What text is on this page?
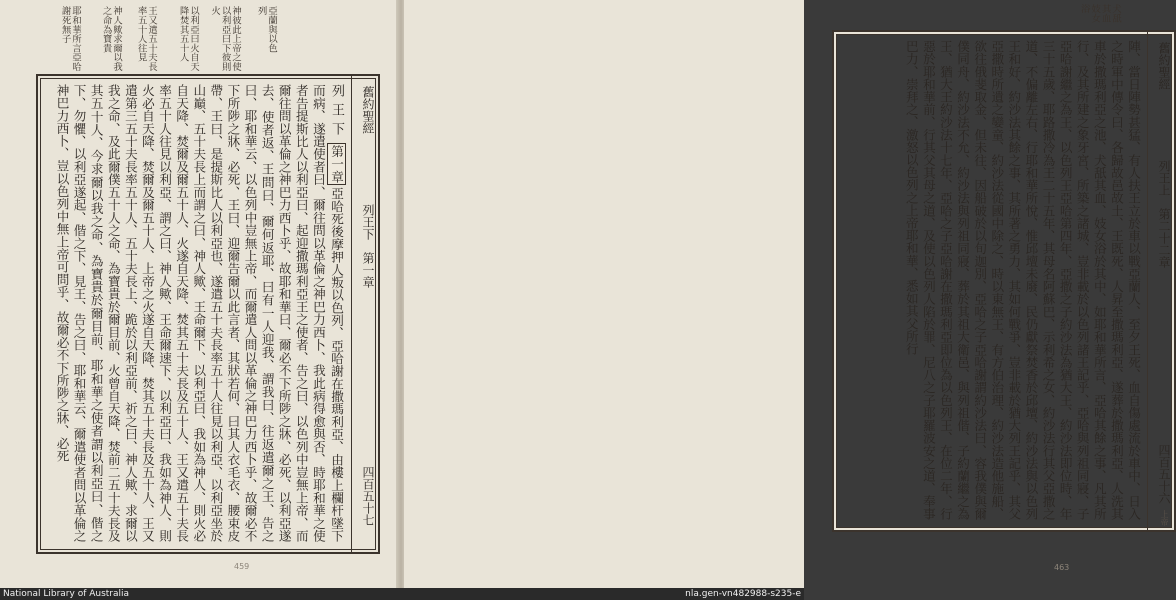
神彼此上帝之使以利亞曰下彼則火
以利亞曰火自天降焚其五十人
王又遣五十夫長率五十人往見
神人歟求爾以我之命為寶貴
耶和華所言亞哈謝死無子	亞蘭與以色列
舊約聖經
列王下　第一章
四百五十七
列王下第一章亞哈死後摩押人叛以色列、亞哈謝在撒瑪利亞、由樓上欄杆墜下而病、遂遣使者曰、爾往問以革倫之神巴力西卜、我此病得愈與否、時耶和華之使者告提斯比人以利亞曰、起迎撒瑪利亞王之使者、告之曰、以色列中豈無上帝、而爾往問以革倫之神巴力西卜乎、故耶和華曰、爾必不下所陟之牀、必死、以利亞遂去、使者返、王問曰、爾何返耶、曰有一人迎我、謂我曰、往返遣爾之王、告之曰、耶和華云、以色列中豈無上帝、而爾遣人問以革倫之神巴力西卜乎、故爾必不下所陟之牀、必死、王曰、迎爾告爾以此言者、其狀若何、曰其人衣毛衣、腰束皮帶、王曰、是提斯比人以利亞也、遂遣五十夫長率五十人往見以利亞、以利亞坐於山巔、五十夫長上而謂之曰、神人歟、王命爾下、以利亞曰、我如為神人、則火必自天降、焚爾及爾五十人、火遂自天降、焚其五十夫長及五十人、王又遣五十夫長率五十人往見以利亞、謂之曰、神人歟、王命爾速下、以利亞曰、我如為神人、則火必自天降、焚爾及爾五十人、上帝之火遂自天降、焚其五十夫長及五十人、王又遣第三五十夫長率五十人、五十夫長上、跪於以利亞前、祈之曰、神人歟、求爾以我之命、及此爾僕五十人之命、為寶貴於爾目前、火曾自天降、焚前二五十夫長及其五十人、今求爾以我之命、為寶貴於爾目前、耶和華之使者謂以利亞曰、偕之下、勿懼、以利亞遂起、偕之下、見王、告之曰、耶和華云、爾遣使者問以革倫之神巴力西卜、豈以色列中無上帝可問乎、故爾必不下所陟之牀、必死
459
犬舐其血妓女浴
舊約聖經
列王上　第二十二章
四百五十六
上帝
陣、當日陣勢甚猛、有人扶王立於車以戰亞蘭人、至夕王死、血自傷處流於車中、日入之時軍中傳令曰、各歸故邑故土、王既死、人昇至撒瑪利亞、遂葬於撒瑪利亞、人洗其車於撒瑪利亞之池、犬舐其血、妓女浴於其中、如耶和華所言、亞哈其餘之事、凡其所行、及其所建之象牙宮、所築之諸城、豈非載於以色列諸王記乎、亞哈與列祖同寢、子亞哈謝繼之為王、以色列王亞哈第四年、亞撒之子約沙法為猶大王、約沙法即位時、年三十五歲、耶路撒冷為王二十五年、其母名阿蘇巴、示利希之女、約沙法行其父亞撒之道、不偏離左右、行耶和華所悅、惟邱壇未廢、民仍獻祭焚香於邱壇、約沙法與以色列王和好、約沙法其餘之事、其所著之勇力、其如何戰爭、豈非載於猶大列王記乎、其父亞撒時所遺之孌童、約沙法從國中除之、時以東無王、有方伯治理、約沙法造他施船、欲往俄斐取金、但未往、因船破於以旬迦別、亞哈之子亞哈謝謂約沙法曰、容我僕與爾僕同舟、約沙法不允、約沙法與列祖同寢、葬於其祖大衛邑、與列祖偕、子約蘭繼之為王、猶大王約沙法十七年、亞哈之子亞哈謝在撒瑪利亞即位為以色列王、在位二年、行惡於耶和華前、行其父其母之道、及使以色列人陷於罪、尼八之子耶羅波安之道、奉事巴力、崇拜之、激怒以色列之上帝耶和華、悉如其父所行
463
National Library of Australia	nla.gen-vn482988-s235-e
